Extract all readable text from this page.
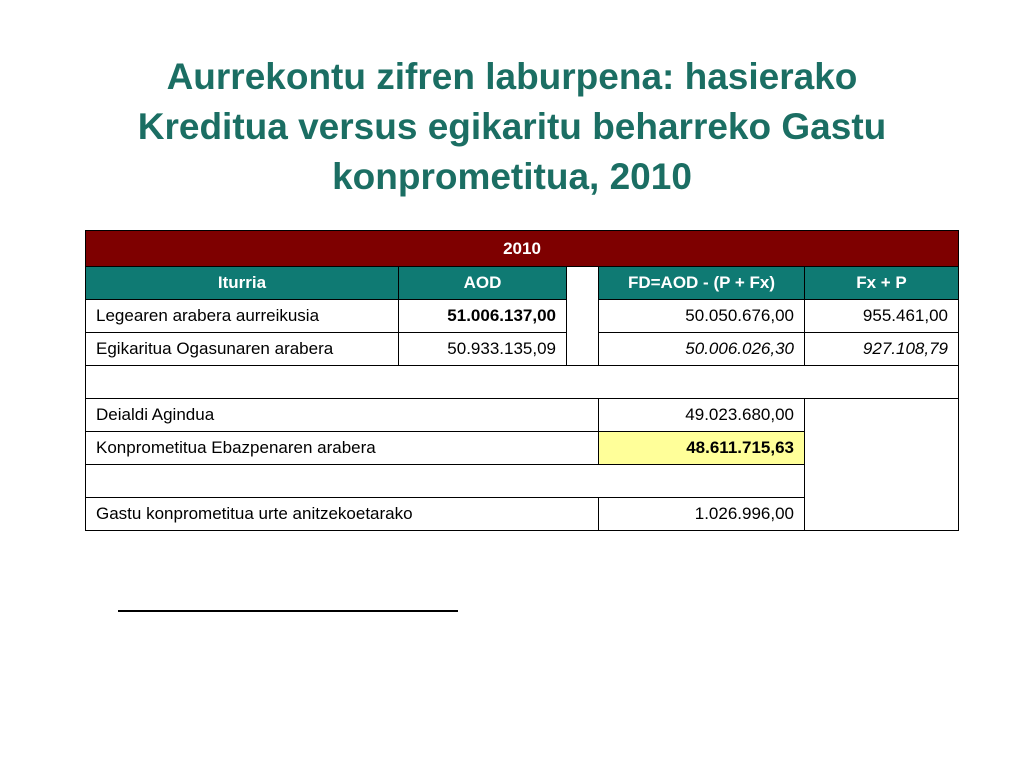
Aurrekontu zifren laburpena: hasierako
Kreditua versus egikaritu beharreko Gastu
konprometitua, 2010
2010				
Iturria	AOD		FD=AOD - (P + Fx)	Fx + P
Legearen arabera aurreikusia	51.006.137,00		50.050.676,00	955.461,00
Egikaritua Ogasunaren arabera	50.933.135,09		50.006.026,30	927.108,79

Deialdi Agindua			49.023.680,00	
Konprometitua Ebazpenaren arabera			48.611.715,63	

Gastu konprometitua urte anitzekoetarako			1.026.996,00	
